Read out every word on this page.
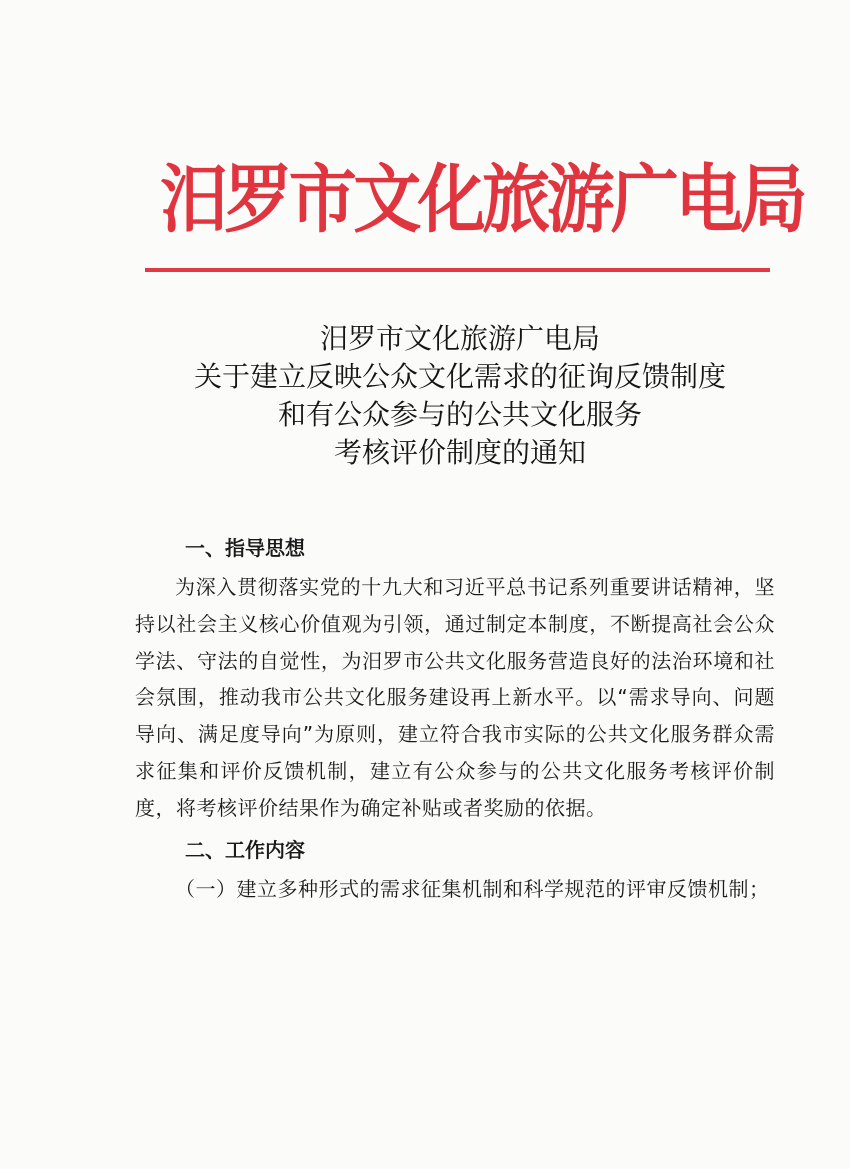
汨罗市文化旅游广电局
汨罗市文化旅游广电局
关于建立反映公众文化需求的征询反馈制度
和有公众参与的公共文化服务
考核评价制度的通知
一、指导思想

为深入贯彻落实党的十九大和习近平总书记系列重要讲话精神，坚持以社会主义核心价值观为引领，通过制定本制度，不断提高社会公众学法、守法的自觉性，为汨罗市公共文化服务营造良好的法治环境和社会氛围，推动我市公共文化服务建设再上新水平。以“需求导向、问题导向、满足度导向”为原则，建立符合我市实际的公共文化服务群众需求征集和评价反馈机制，建立有公众参与的公共文化服务考核评价制度，将考核评价结果作为确定补贴或者奖励的依据。

二、工作内容

（一）建立多种形式的需求征集机制和科学规范的评审反馈机制；
